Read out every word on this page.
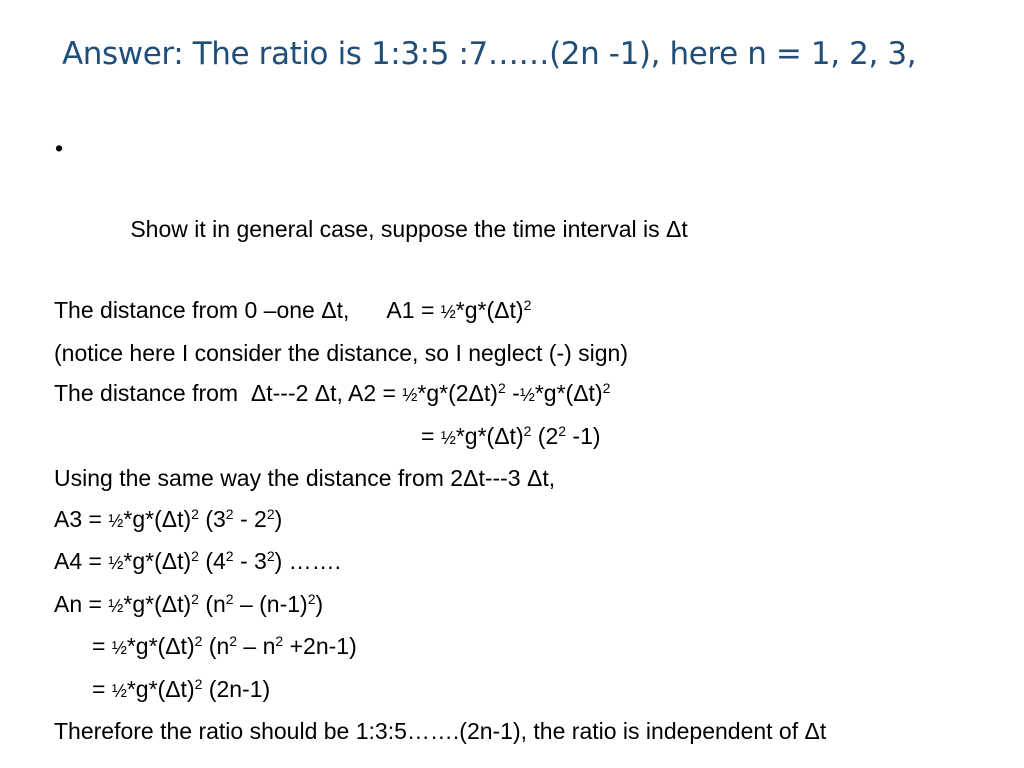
Answer: The ratio is 1:3:5 :7……(2n -1), here n = 1, 2, 3,

•

Show it in general case, suppose the time interval is Δt

The distance from 0 –one Δt,      $A1 = \frac{1}{2}*g*(\Delta t)^2$
(notice here I consider the distance, so I neglect (-) sign)
The distance from  Δt---2 Δt, $A2 = \frac{1}{2}*g*(2\Delta t)^2$ $-\frac{1}{2}*g*(\Delta t)^2$
= $\frac{1}{2}*g*(\Delta t)^2$ ($2^2$ -1)
Using the same way the distance from 2Δt---3 Δt,
$A3 = \frac{1}{2}*g*(\Delta t)^2$ $(3^2 - 2^2)$
$A4 = \frac{1}{2}*g*(\Delta t)^2$ $(4^2 - 3^2)$ …….
$An = \frac{1}{2}*g*(\Delta t)^2$ $(n^2 - (n-1)^2)$
= $\frac{1}{2}*g*(\Delta t)^2$ $(n^2 - n^2 +2n-1)$
= $\frac{1}{2}*g*(\Delta t)^2$ (2n-1)
Therefore the ratio should be 1:3:5…….(2n-1), the ratio is independent of Δt
